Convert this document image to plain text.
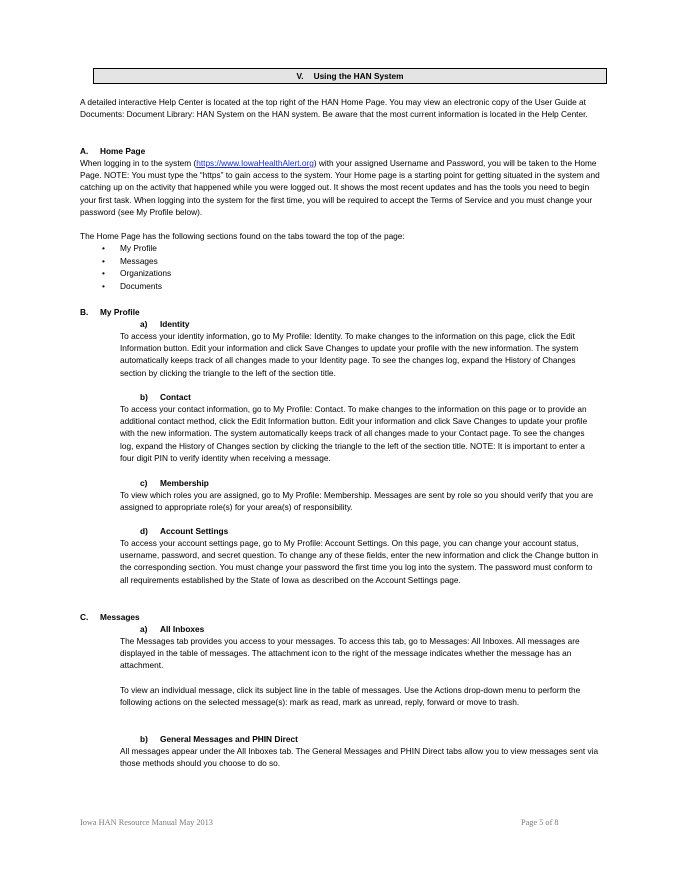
V. Using the HAN System

A detailed interactive Help Center is located at the top right of the HAN Home Page. You may view an electronic copy of the User Guide at Documents: Document Library: HAN System on the HAN system. Be aware that the most current information is located in the Help Center.

A. Home Page

When logging in to the system (https://www.IowaHealthAlert.org) with your assigned Username and Password, you will be taken to the Home Page. NOTE: You must type the “https” to gain access to the system. Your Home page is a starting point for getting situated in the system and catching up on the activity that happened while you were logged out. It shows the most recent updates and has the tools you need to begin your first task. When logging into the system for the first time, you will be required to accept the Terms of Service and you must change your password (see My Profile below).

The Home Page has the following sections found on the tabs toward the top of the page:

• My Profile
• Messages
• Organizations
• Documents
B. My Profile
a) Identity

To access your identity information, go to My Profile: Identity. To make changes to the information on this page, click the Edit Information button. Edit your information and click Save Changes to update your profile with the new information. The system automatically keeps track of all changes made to your Identity page. To see the changes log, expand the History of Changes section by clicking the triangle to the left of the section title.

b) Contact

To access your contact information, go to My Profile: Contact. To make changes to the information on this page or to provide an additional contact method, click the Edit Information button. Edit your information and click Save Changes to update your profile with the new information. The system automatically keeps track of all changes made to your Contact page. To see the changes log, expand the History of Changes section by clicking the triangle to the left of the section title. NOTE: It is important to enter a four digit PIN to verify identity when receiving a message.

c) Membership

To view which roles you are assigned, go to My Profile: Membership. Messages are sent by role so you should verify that you are assigned to appropriate role(s) for your area(s) of responsibility.

d) Account Settings

To access your account settings page, go to My Profile: Account Settings. On this page, you can change your account status, username, password, and secret question. To change any of these fields, enter the new information and click the Change button in the corresponding section. You must change your password the first time you log into the system. The password must conform to all requirements established by the State of Iowa as described on the Account Settings page.

C. Messages
a) All Inboxes

The Messages tab provides you access to your messages. To access this tab, go to Messages: All Inboxes. All messages are displayed in the table of messages. The attachment icon to the right of the message indicates whether the message has an attachment.

To view an individual message, click its subject line in the table of messages. Use the Actions drop-down menu to perform the following actions on the selected message(s): mark as read, mark as unread, reply, forward or move to trash.

b) General Messages and PHIN Direct

All messages appear under the All Inboxes tab. The General Messages and PHIN Direct tabs allow you to view messages sent via those methods should you choose to do so.

Iowa HAN Resource Manual May 2013	Page 5 of 8
